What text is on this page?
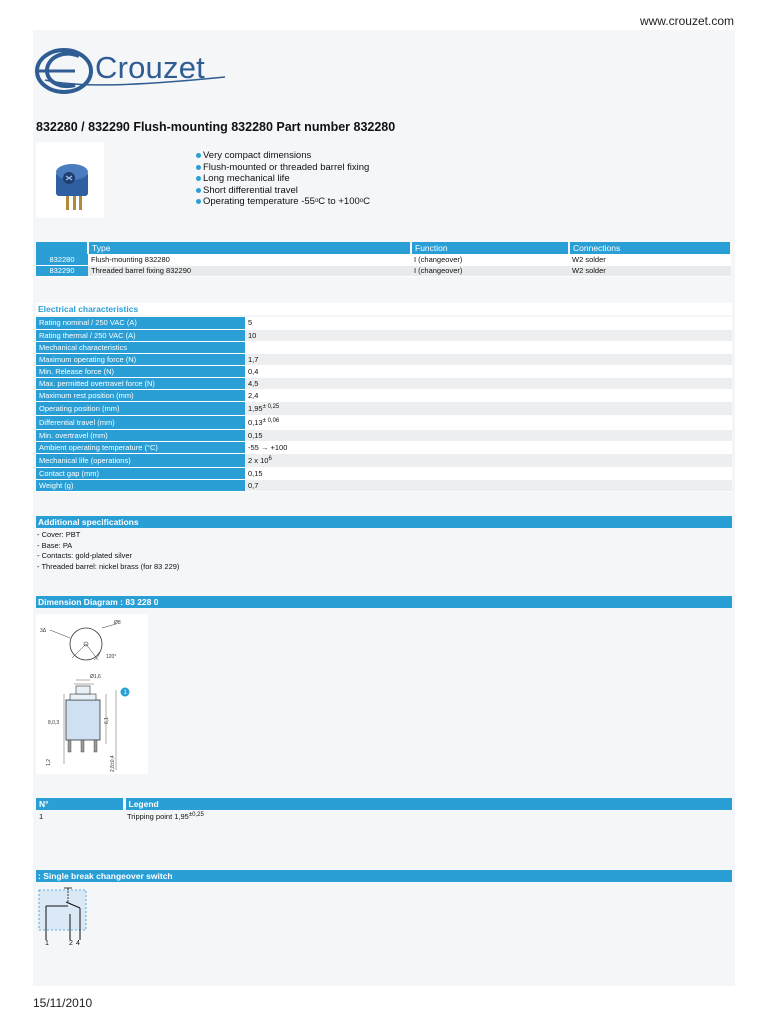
www.crouzet.com
Crouzet
832280 / 832290 Flush-mounting 832280 Part number 832280
Very compact dimensions
Flush-mounted or threaded barrel fixing
Long mechanical life
Short differential travel
Operating temperature -55 o C to +100 o C
	Type	Function	Connections
832280	Flush-mounting 832280	I (changeover)	W2 solder
832290	Threaded barrel fixing 832290	I (changeover)	W2 solder
Electrical characteristics
Rating nominal / 250 VAC (A)	5
Rating thermal / 250 VAC (A)	10
Mechanical characteristics	
Maximum operating force (N)	1,7
Min. Release force (N)	0,4
Max. permitted overtravel force (N)	4,5
Maximum rest position (mm)	2,4
Operating position (mm)	$1,95^{\pm 0,25}$
Differential travel (mm)	$0,13^{\pm 0,06}$
Min. overtravel (mm)	0,15
Ambient operating temperature (°C)	-55 → +100
Mechanical life (operations)	2 x $10^6$
Contact gap (mm)	0,15
Weight (g)	0,7
Additional specifications
- Cover: PBT
- Base: PA
- Contacts: gold-plated silver
- Threaded barrel: nickel brass (for 83 229)
Dimension Diagram : 83 228 0
120°
Ø8
3Δ
Ø1,6
6,1
8,0,3
1,2	2,8±0,4
1
N°	Legend
1	Tripping point $1,95^{\pm 0,25}$
: Single break changeover switch
1	2 4
15/11/2010
